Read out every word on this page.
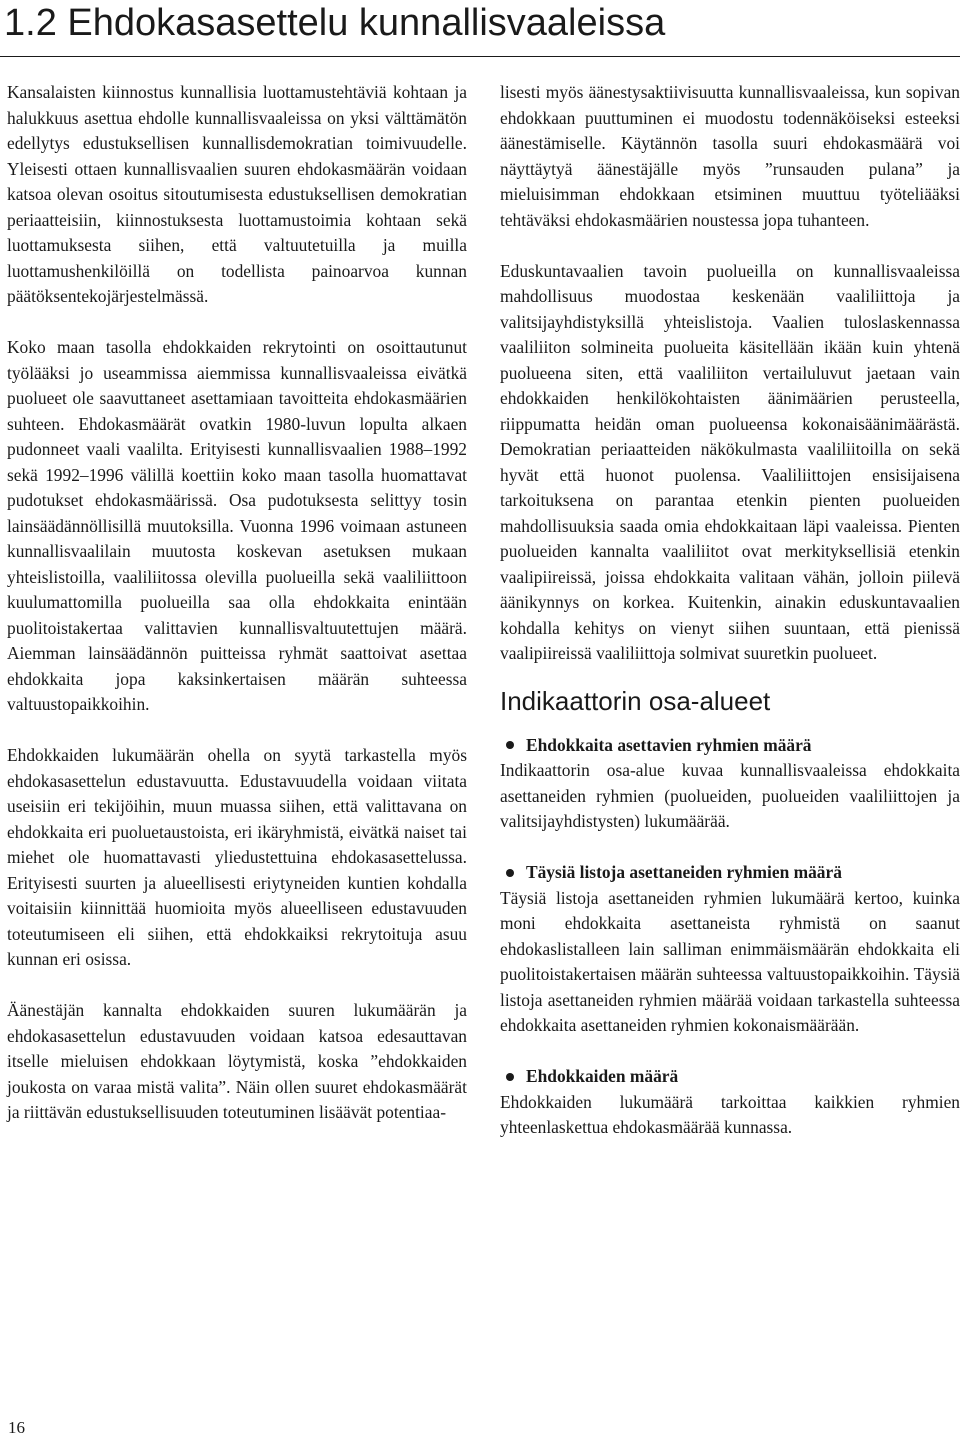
1.2 Ehdokasasettelu kunnallisvaaleissa

Kansalaisten kiinnostus kunnallisia luottamustehtäviä kohtaan ja halukkuus asettua ehdolle kunnallisvaaleissa on yksi välttämätön edellytys edustuksellisen kunnallisdemokratian toimivuudelle. Yleisesti ottaen kunnallisvaalien suuren ehdokasmäärän voidaan katsoa olevan osoitus sitoutumisesta edustuksellisen demokratian periaatteisiin, kiinnostuksesta luottamustoimia kohtaan sekä luottamuksesta siihen, että valtuutetuilla ja muilla luottamushenkilöillä on todellista painoarvoa kunnan päätöksentekojärjestelmässä.

Koko maan tasolla ehdokkaiden rekrytointi on osoittautunut työlääksi jo useammissa aiemmissa kunnallisvaaleissa eivätkä puolueet ole saavuttaneet asettamiaan tavoitteita ehdokasmäärien suhteen. Ehdokasmäärät ovatkin 1980-luvun lopulta alkaen pudonneet vaali vaalilta. Erityisesti kunnallisvaalien 1988–1992 sekä 1992–1996 välillä koettiin koko maan tasolla huomattavat pudotukset ehdokasmäärissä. Osa pudotuksesta selittyy tosin lainsäädännöllisillä muutoksilla. Vuonna 1996 voimaan astuneen kunnallisvaalilain muutosta koskevan asetuksen mukaan yhteislistoilla, vaaliliitossa olevilla puolueilla sekä vaaliliittoon kuulumattomilla puolueilla saa olla ehdokkaita enintään puolitoistakertaa valittavien kunnallisvaltuutettujen määrä. Aiemman lainsäädännön puitteissa ryhmät saattoivat asettaa ehdokkaita jopa kaksinkertaisen määrän suhteessa valtuustopaikkoihin.

Ehdokkaiden lukumäärän ohella on syytä tarkastella myös ehdokasasettelun edustavuutta. Edustavuudella voidaan viitata useisiin eri tekijöihin, muun muassa siihen, että valittavana on ehdokkaita eri puoluetaustoista, eri ikäryhmistä, eivätkä naiset tai miehet ole huomattavasti yliedustettuina ehdokasasettelussa. Erityisesti suurten ja alueellisesti eriytyneiden kuntien kohdalla voitaisiin kiinnittää huomioita myös alueelliseen edustavuuden toteutumiseen eli siihen, että ehdokkaiksi rekrytoituja asuu kunnan eri osissa.

Äänestäjän kannalta ehdokkaiden suuren lukumäärän ja ehdokasasettelun edustavuuden voidaan katsoa edesauttavan itselle mieluisen ehdokkaan löytymistä, koska ”ehdokkaiden joukosta on varaa mistä valita”. Näin ollen suuret ehdokasmäärät ja riittävän edustuksellisuuden toteutuminen lisäävät potentiaa-

lisesti myös äänestysaktiivisuutta kunnallisvaaleissa, kun sopivan ehdokkaan puuttuminen ei muodostu todennäköiseksi esteeksi äänestämiselle. Käytännön tasolla suuri ehdokasmäärä voi näyttäytyä äänestäjälle myös ”runsauden pulana” ja mieluisimman ehdokkaan etsiminen muuttuu työteliääksi tehtäväksi ehdokasmäärien noustessa jopa tuhanteen.

Eduskuntavaalien tavoin puolueilla on kunnallisvaaleissa mahdollisuus muodostaa keskenään vaaliliittoja ja valitsijayhdistyksillä yhteislistoja. Vaalien tuloslaskennassa vaaliliiton solmineita puolueita käsitellään ikään kuin yhtenä puolueena siten, että vaaliliiton vertailuluvut jaetaan vain ehdokkaiden henkilökohtaisten äänimäärien perusteella, riippumatta heidän oman puolueensa kokonaisäänimäärästä. Demokratian periaatteiden näkökulmasta vaaliliitoilla on sekä hyvät että huonot puolensa. Vaaliliittojen ensisijaisena tarkoituksena on parantaa etenkin pienten puolueiden mahdollisuuksia saada omia ehdokkaitaan läpi vaaleissa. Pienten puolueiden kannalta vaaliliitot ovat merkityksellisiä etenkin vaalipiireissä, joissa ehdokkaita valitaan vähän, jolloin piilevä äänikynnys on korkea. Kuitenkin, ainakin eduskuntavaalien kohdalla kehitys on vienyt siihen suuntaan, että pienissä vaalipiireissä vaaliliittoja solmivat suuretkin puolueet.

Indikaattorin osa-alueet
Ehdokkaita asettavien ryhmien määrä

Indikaattorin osa-alue kuvaa kunnallisvaaleissa ehdokkaita asettaneiden ryhmien (puolueiden, puolueiden vaaliliittojen ja valitsijayhdistysten) lukumäärää.

Täysiä listoja asettaneiden ryhmien määrä

Täysiä listoja asettaneiden ryhmien lukumäärä kertoo, kuinka moni ehdokkaita asettaneista ryhmistä on saanut ehdokaslistalleen lain salliman enimmäismäärän ehdokkaita eli puolitoistakertaisen määrän suhteessa valtuustopaikkoihin. Täysiä listoja asettaneiden ryhmien määrää voidaan tarkastella suhteessa ehdokkaita asettaneiden ryhmien kokonaismäärään.

Ehdokkaiden määrä

Ehdokkaiden lukumäärä tarkoittaa kaikkien ryhmien yhteenlaskettua ehdokasmäärää kunnassa.

16
